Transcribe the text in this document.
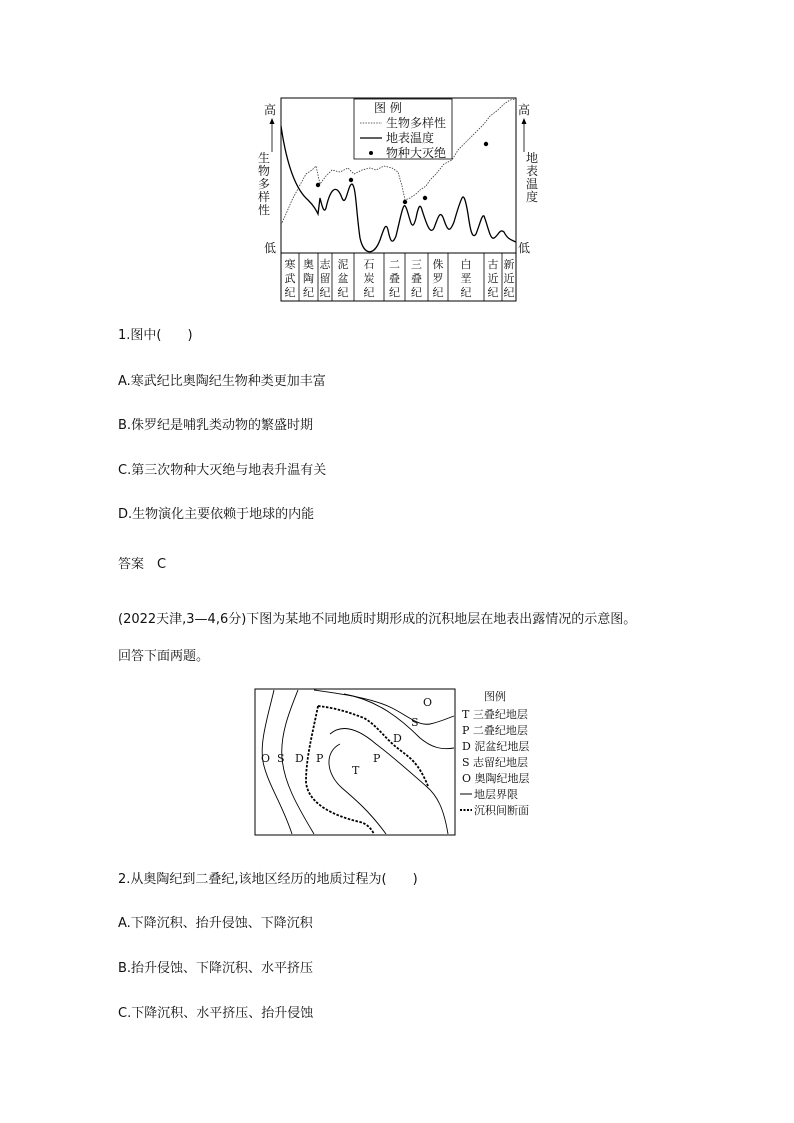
寒
武
纪
奥
陶
纪
志
留
纪
泥
盆
纪
石
炭
纪
二
叠
纪
三
叠
纪
侏
罗
纪
白
垩
纪
古
近
纪
新
近
纪
高
低
生
物
多
样
性
高
低
地
表
温
度
图 例
生物多样性
地表温度
物种大灭绝
1.图中(　　)
A.寒武纪比奥陶纪生物种类更加丰富
B.侏罗纪是哺乳类动物的繁盛时期
C.第三次物种大灭绝与地表升温有关
D.生物演化主要依赖于地球的内能
答案　C
(2022天津,3—4,6分)下图为某地不同地质时期形成的沉积地层在地表出露情况的示意图。
回答下面两题。
O S D P
T
P
D
S
O	图例
T 三叠纪地层
P 二叠纪地层
D 泥盆纪地层
S 志留纪地层
O 奥陶纪地层
地层界限
沉积间断面
2.从奥陶纪到二叠纪,该地区经历的地质过程为(　　)
A.下降沉积、抬升侵蚀、下降沉积
B.抬升侵蚀、下降沉积、水平挤压
C.下降沉积、水平挤压、抬升侵蚀
